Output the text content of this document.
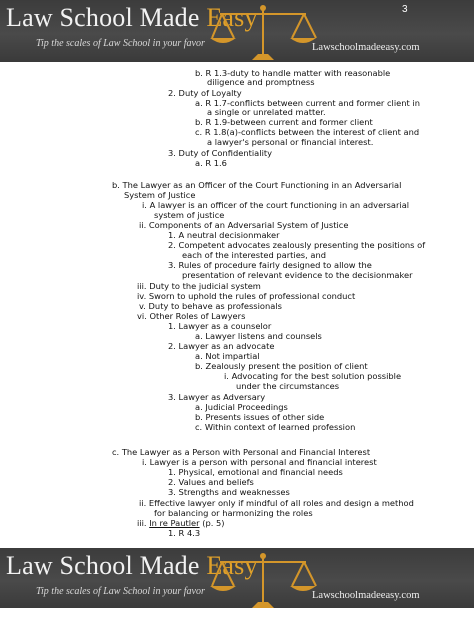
Law School Made Easy
Tip the scales of Law School in your favor	Lawschoolmadeeasy.com
3
b. R 1.3-duty to handle matter with reasonable
diligence and promptness
2. Duty of Loyalty
a. R 1.7-conflicts between current and former client in
a single or unrelated matter.
b. R 1.9-between current and former client
c. R 1.8(a)-conflicts between the interest of client and
a lawyer's personal or financial interest.
3. Duty of Confidentiality
a. R 1.6
b. The Lawyer as an Officer of the Court Functioning in an Adversarial
System of Justice
i. A lawyer is an officer of the court functioning in an adversarial
system of justice
ii. Components of an Adversarial System of Justice
1. A neutral decisionmaker
2. Competent advocates zealously presenting the positions of
each of the interested parties, and
3. Rules of procedure fairly designed to allow the
presentation of relevant evidence to the decisionmaker
iii. Duty to the judicial system
iv. Sworn to uphold the rules of professional conduct
v. Duty to behave as professionals
vi. Other Roles of Lawyers
1. Lawyer as a counselor
a. Lawyer listens and counsels
2. Lawyer as an advocate
a. Not impartial
b. Zealously present the position of client
i. Advocating for the best solution possible
under the circumstances
3. Lawyer as Adversary
a. Judicial Proceedings
b. Presents issues of other side
c. Within context of learned profession
c. The Lawyer as a Person with Personal and Financial Interest
i. Lawyer is a person with personal and financial interest
1. Physical, emotional and financial needs
2. Values and beliefs
3. Strengths and weaknesses
ii. Effective lawyer only if mindful of all roles and design a method
for balancing or harmonizing the roles
iii. In re Pautler (p. 5)
1. R 4.3
Law School Made Easy
Tip the scales of Law School in your favor	Lawschoolmadeeasy.com
